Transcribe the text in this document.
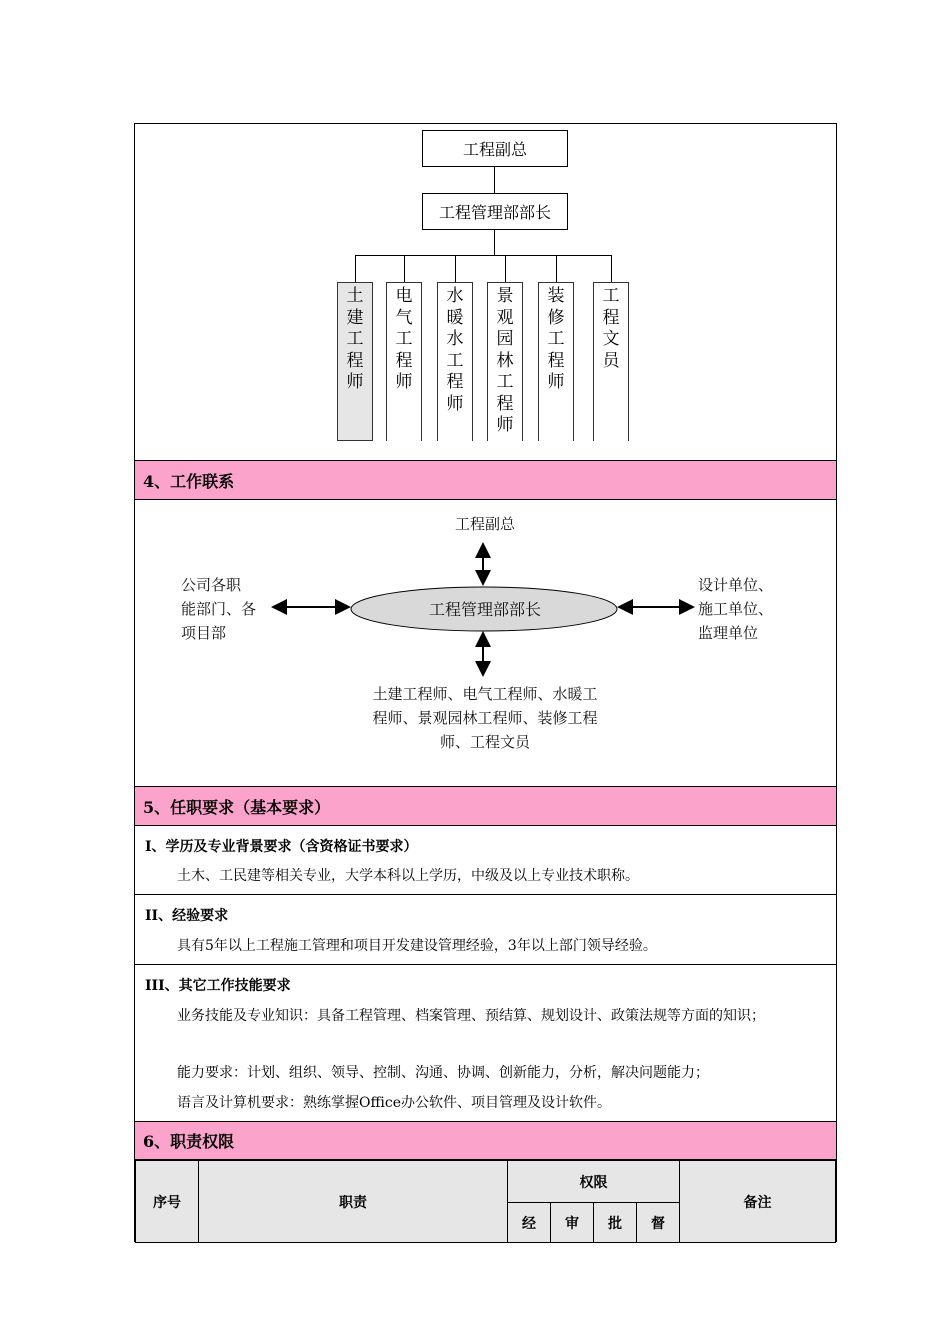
工程副总
工程管理部部长
土建工程师
电气工程师
水暖水工程师
景观园林工程师
装修工程师
工程文员
4、工作联系
工程副总
工程管理部部长
公司各职
能部门、各
项目部
设计单位、
施工单位、
监理单位
土建工程师、电气工程师、水暖工
程师、景观园林工程师、装修工程
师、工程文员
5、任职要求（基本要求）
I、学历及专业背景要求（含资格证书要求）
土木、工民建等相关专业，大学本科以上学历，中级及以上专业技术职称。
II、经验要求
具有5年以上工程施工管理和项目开发建设管理经验，3年以上部门领导经验。
III、其它工作技能要求
业务技能及专业知识：具备工程管理、档案管理、预结算、规划设计、政策法规等方面的知识；
能力要求：计划、组织、领导、控制、沟通、协调、创新能力，分析，解决问题能力；
语言及计算机要求：熟练掌握Office办公软件、项目管理及设计软件。
6、职责权限
序号	职责	权限				备注
		经	审	批	督	
